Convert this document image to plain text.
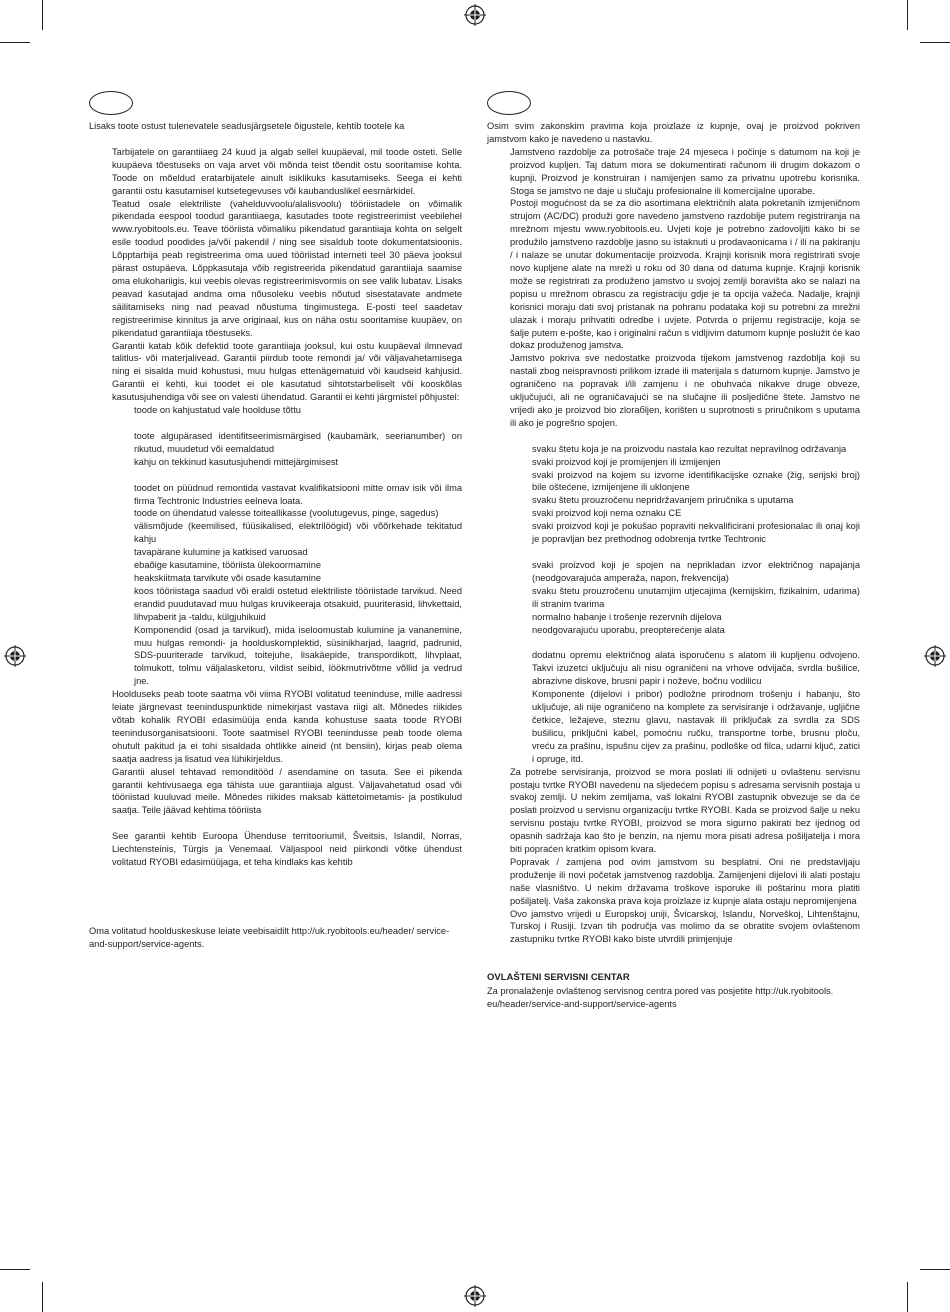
Lisaks toote ostust tulenevatele seadusjärgsetele õigustele, kehtib tootele ka

Tarbijatele on garantiiaeg 24 kuud ja algab sellel kuupäeval, mil toode osteti. Selle kuupäeva tõestuseks on vaja arvet või mõnda teist tõendit ostu sooritamise kohta. Toode on mõeldud eratarbijatele ainult isiklikuks kasutamiseks. Seega ei kehti garantii ostu kasutamisel kutsetegevuses või kaubanduslikel eesmärkidel.

Teatud osale elektriliste (vahelduvvoolu/alalisvoolu) tööriistadele on võimalik pikendada eespool toodud garantiiaega, kasutades toote registreerimist veebilehel www.ryobitools.eu. Teave tööriista võimaliku pikendatud garantiiaja kohta on selgelt esile toodud poodides ja/või pakendil / ning see sisaldub toote dokumentatsioonis. Lõpptarbija peab registreerima oma uued tööriistad interneti teel 30 päeva jooksul pärast ostupäeva. Lõppkasutaja võib registreerida pikendatud garantiiaja saamise oma elukohariigis, kui veebis olevas registreerimisvormis on see valik lubatav. Lisaks peavad kasutajad andma oma nõusoleku veebis nõutud sisestatavate andmete säilitamiseks ning nad peavad nõustuma tingimustega. E-posti teel saadetav registreerimise kinnitus ja arve originaal, kus on näha ostu sooritamise kuupäev, on pikendatud garantiiaja tõestuseks.

Garantii katab kõik defektid toote garantiiaja jooksul, kui ostu kuupäeval ilmnevad talitlus- või materjalivead. Garantii piirdub toote remondi ja/ või väljavahetamisega ning ei sisalda muid kohustusi, muu hulgas ettenägematuid või kaudseid kahjusid. Garantii ei kehti, kui toodet ei ole kasutatud sihtotstarbeliselt või kooskõlas kasutusjuhendiga või see on valesti ühendatud. Garantii ei kehti järgmistel põhjustel:

toode on kahjustatud vale hoolduse tõttu

toote algupärased identifitseerimismärgised (kaubamärk, seerianumber) on rikutud, muudetud või eemaldatud

kahju on tekkinud kasutusjuhendi mittejärgimisest

toodet on püüdnud remontida vastavat kvalifikatsiooni mitte omav isik või ilma firma Techtronic Industries eelneva loata.

toode on ühendatud valesse toiteallikasse (voolutugevus, pinge, sagedus)

välismõjude (keemilised, füüsikalised, elektrilöögid) või võõrkehade tekitatud kahju

tavapärane kulumine ja katkised varuosad

ebaõige kasutamine, tööriista ülekoormamine

heakskiitmata tarvikute või osade kasutamine

koos tööriistaga saadud või eraldi ostetud elektriliste tööriistade tarvikud. Need erandid puudutavad muu hulgas kruvikeeraja otsakuid, puuriterasid, lihvkettaid, lihvpaberit ja -taldu, külgjuhikuid

Komponendid (osad ja tarvikud), mida iseloomustab kulumine ja vananemine, muu hulgas remondi- ja hoolduskomplektid, süsinikharjad, laagrid, padrunid, SDS-puuriterade tarvikud, toitejuhe, lisakäepide, transpordikott, lihvplaat, tolmukott, tolmu väljalasketoru, vildist seibid, löökmutrivõtme võllid ja vedrud jne.

Hoolduseks peab toote saatma või viima RYOBI volitatud teeninduse, mille aadressi leiate järgnevast teeninduspunktide nimekirjast vastava riigi alt. Mõnedes riikides võtab kohalik RYOBI edasimüüja enda kanda kohustuse saata toode RYOBI teenindusorganisatsiooni. Toote saatmisel RYOBI teenindusse peab toode olema ohutult pakitud ja ei tohi sisaldada ohtlikke aineid (nt bensiin), kirjas peab olema saatja aadress ja lisatud vea lühikirjeldus.

Garantii alusel tehtavad remonditööd / asendamine on tasuta. See ei pikenda garantii kehtivusaega ega tähista uue garantiiaja algust. Väljavahetatud osad või tööriistad kuuluvad meile. Mõnedes riikides maksab kättetoimetamis- ja postikulud saatja. Teile jäävad kehtima tööriista

See garantii kehtib Euroopa Ühenduse territooriumil, Šveitsis, Islandil, Norras, Liechtensteinis, Türgis ja Venemaal. Väljaspool neid piirkondi võtke ühendust volitatud RYOBI edasimüüjaga, et teha kindlaks kas kehtib

Oma volitatud hoolduskeskuse leiate veebisaidilt http://uk.ryobitools.eu/header/ service-and-support/service-agents.

Osim svim zakonskim pravima koja proizlaze iz kupnje, ovaj je proizvod pokriven jamstvom kako je navedeno u nastavku.

Jamstveno razdoblje za potrošače traje 24 mjeseca i počinje s datumom na koji je proizvod kupljen. Taj datum mora se dokumentirati računom ili drugim dokazom o kupnji. Proizvod je konstruiran i namijenjen samo za privatnu upotrebu korisnika. Stoga se jamstvo ne daje u slučaju profesionalne ili komercijalne uporabe.

Postoji mogućnost da se za dio asortimana električnih alata pokretanih izmjeničnom strujom (AC/DC) produži gore navedeno jamstveno razdoblje putem registriranja na mrežnom mjestu www.ryobitools.eu. Uvjeti koje je potrebno zadovoljiti kako bi se produžilo jamstveno razdoblje jasno su istaknuti u prodavaonicama i / ili na pakiranju / i nalaze se unutar dokumentacije proizvoda. Krajnji korisnik mora registrirati svoje novo kupljene alate na mreži u roku od 30 dana od datuma kupnje. Krajnji korisnik može se registrirati za produženo jamstvo u svojoj zemlji boravišta ako se nalazi na popisu u mrežnom obrascu za registraciju gdje je ta opcija važeća. Nadalje, krajnji korisnici moraju dati svoj pristanak na pohranu podataka koji su potrebni za mrežni ulazak i moraju prihvatiti odredbe i uvjete. Potvrda o prijemu registracije, koja se šalje putem e-pošte, kao i originalni račun s vidljivim datumom kupnje poslužit će kao dokaz produženog jamstva.

Jamstvo pokriva sve nedostatke proizvoda tijekom jamstvenog razdoblja koji su nastali zbog neispravnosti prilikom izrade ili materijala s datumom kupnje. Jamstvo je ograničeno na popravak i/ili zamjenu i ne obuhvaća nikakve druge obveze, uključujući, ali ne ograničavajući se na slučajne ili posljedične štete. Jamstvo ne vrijedi ako je proizvod bio zloraбljen, korišten u suprotnosti s priručnikom s uputama ili ako je pogrešno spojen.

svaku štetu koja je na proizvodu nastala kao rezultat nepravilnog održavanja

svaki proizvod koji je promijenjen ili izmijenjen

svaki proizvod na kojem su izvorne identifikacijske oznake (žig, serijski broj) bile oštećene, izmijenjene ili uklonjene

svaku štetu prouzročenu nepridržavanjem priručnika s uputama

svaki proizvod koji nema oznaku CE

svaki proizvod koji je pokušao popraviti nekvalificirani profesionalac ili onaj koji je popravljan bez prethodnog odobrenja tvrtke Techtronic

svaki proizvod koji je spojen na neprikladan izvor električnog napajanja (neodgovarajuća amperaža, napon, frekvencija)

svaku štetu prouzročenu unutarnjim utjecajima (kemijskim, fizikalnim, udarima) ili stranim tvarima

normalno habanje i trošenje rezervnih dijelova

neodgovarajuću uporabu, preopterećenje alata

dodatnu opremu električnog alata isporučenu s alatom ili kupljenu odvojeno. Takvi izuzetci uključuju ali nisu ograničeni na vrhove odvijača, svrdla bušilice, abrazivne diskove, brusni papir i noževe, bočnu vodilicu

Komponente (dijelovi i pribor) podložne prirodnom trošenju i habanju, što uključuje, ali nije ograničeno na komplete za servisiranje i održavanje, ugljične četkice, ležajeve, steznu glavu, nastavak ili priključak za svrdla za SDS bušilicu, priključni kabel, pomoćnu ručku, transportne torbe, brusnu ploču, vreću za prašinu, ispušnu cijev za prašinu, podloške od filca, udarni ključ, zatici i opruge, itd.

Za potrebe servisiranja, proizvod se mora poslati ili odnijeti u ovlaštenu servisnu postaju tvrtke RYOBI navedenu na sljedećem popisu s adresama servisnih postaja u svakoj zemlji. U nekim zemljama, vaš lokalni RYOBI zastupnik obvezuje se da će poslati proizvod u servisnu organizaciju tvrtke RYOBI. Kada se proizvod šalje u neku servisnu postaju tvrtke RYOBI, proizvod se mora sigurno pakirati bez ijednog od opasnih sadržaja kao što je benzin, na njemu mora pisati adresa pošiljatelja i mora biti popraćen kratkim opisom kvara.

Popravak / zamjena pod ovim jamstvom su besplatni. Oni ne predstavljaju produženje ili novi početak jamstvenog razdoblja. Zamijenjeni dijelovi ili alati postaju naše vlasništvo. U nekim državama troškove isporuke ili poštarinu mora platiti pošiljatelj. Vaša zakonska prava koja proizlaze iz kupnje alata ostaju nepromijenjena

Ovo jamstvo vrijedi u Europskoj uniji, Švicarskoj, Islandu, Norveškoj, Lihtenštajnu, Turskoj i Rusiji. Izvan tih područja vas molimo da se obratite svojem ovlaštenom zastupniku tvrtke RYOBI kako biste utvrdili primjenjuje

OVLAŠTENI SERVISNI CENTAR

Za pronalaženje ovlaštenog servisnog centra pored vas posjetite http://uk.ryobitools. eu/header/service-and-support/service-agents
